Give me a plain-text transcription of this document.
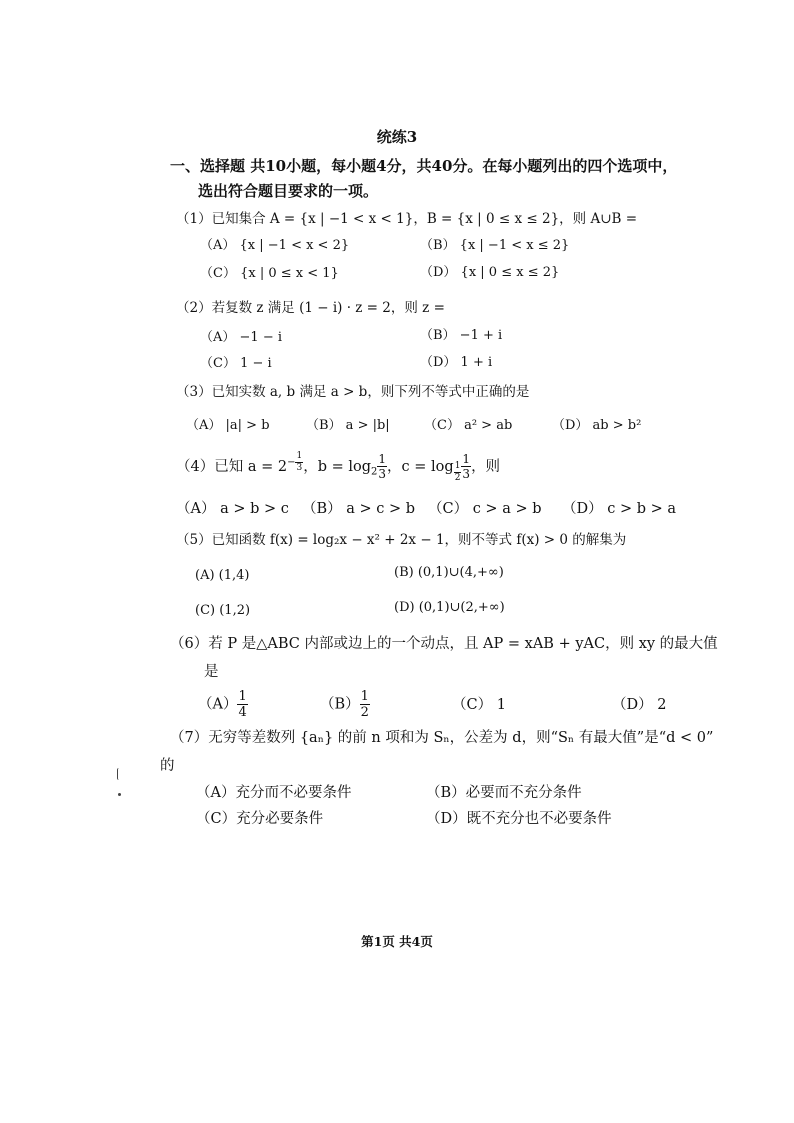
统练3
一、选择题 共10小题，每小题4分，共40分。在每小题列出的四个选项中，
选出符合题目要求的一项。
（1）已知集合 A = {x | −1 < x < 1}，B = {x | 0 ≤ x ≤ 2}，则 A∪B =
（A） {x | −1 < x < 2}	（B） {x | −1 < x ≤ 2}
（C） {x | 0 ≤ x < 1}	（D） {x | 0 ≤ x ≤ 2}
（2）若复数 z 满足 (1 − i) · z = 2，则 z =
（A） −1 − i	（B） −1 + i
（C） 1 − i	（D） 1 + i
（3）已知实数 a, b 满足 a > b，则下列不等式中正确的是
（A） |a| > b	（B） a > |b|	（C） a² > ab	（D） ab > b²
（4）已知 $a = 2^{- \frac{1}{3}}$ ，$b = \log_2 \frac{1}{3}$ ，$c = \log _{\frac{1}{2}} \frac{1}{3}$ ，则
（A） a > b > c （B） a > c > b （C） c > a > b （D） c > b > a
（5）已知函数 f(x) = log₂x − x² + 2x − 1，则不等式 f(x) > 0 的解集为
(A) (1,4)	(B) (0,1)∪(4,+∞)
(C) (1,2)	(D) (0,1)∪(2,+∞)
（6）若 P 是△ABC 内部或边上的一个动点，且 AP = xAB + yAC，则 xy 的最大值
是
$(A) \frac{1}{4}$	$(B) \frac{1}{2}$	（C） 1	（D） 2
（7）无穷等差数列 {aₙ} 的前 n 项和为 Sₙ，公差为 d，则“Sₙ 有最大值”是“d < 0”
的
（A）充分而不必要条件	（B）必要而不充分条件
（C）充分必要条件	（D）既不充分也不必要条件
第1页 共4页
